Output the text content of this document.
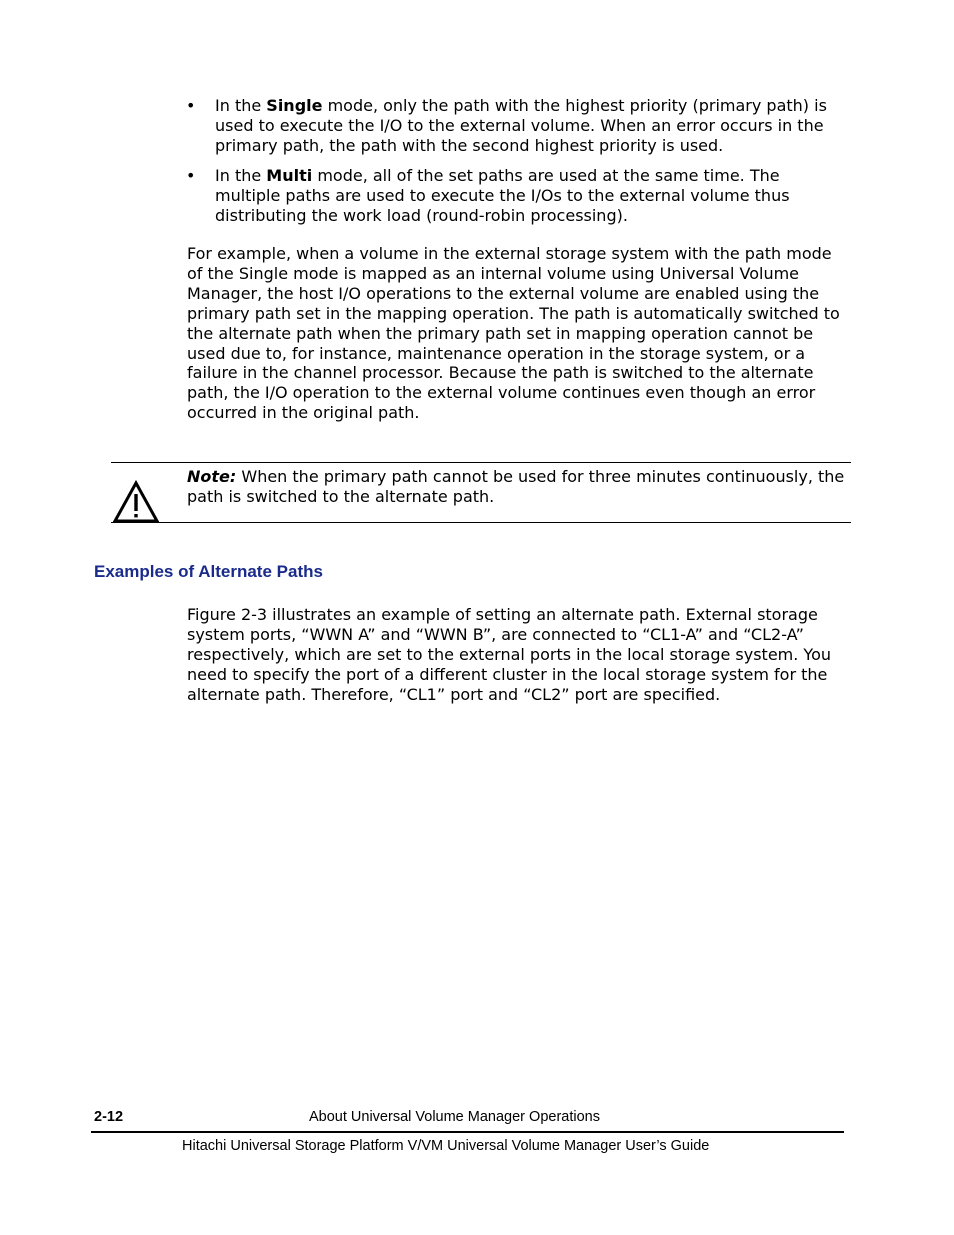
• In the Single mode, only the path with the highest priority (primary path) is used to execute the I/O to the external volume. When an error occurs in the primary path, the path with the second highest priority is used.
• In the Multi mode, all of the set paths are used at the same time. The multiple paths are used to execute the I/Os to the external volume thus distributing the work load (round-robin processing).

For example, when a volume in the external storage system with the path mode of the Single mode is mapped as an internal volume using Universal Volume Manager, the host I/O operations to the external volume are enabled using the primary path set in the mapping operation. The path is automatically switched to the alternate path when the primary path set in mapping operation cannot be used due to, for instance, maintenance operation in the storage system, or a failure in the channel processor. Because the path is switched to the alternate path, the I/O operation to the external volume continues even though an error occurred in the original path.

Note: When the primary path cannot be used for three minutes continuously, the path is switched to the alternate path.
Examples of Alternate Paths

Figure 2-3 illustrates an example of setting an alternate path. External storage system ports, “WWN A” and “WWN B”, are connected to “CL1-A” and “CL2-A” respectively, which are set to the external ports in the local storage system. You need to specify the port of a different cluster in the local storage system for the alternate path. Therefore, “CL1” port and “CL2” port are specified.

2-12	About Universal Volume Manager Operations
Hitachi Universal Storage Platform V/VM Universal Volume Manager User’s Guide
